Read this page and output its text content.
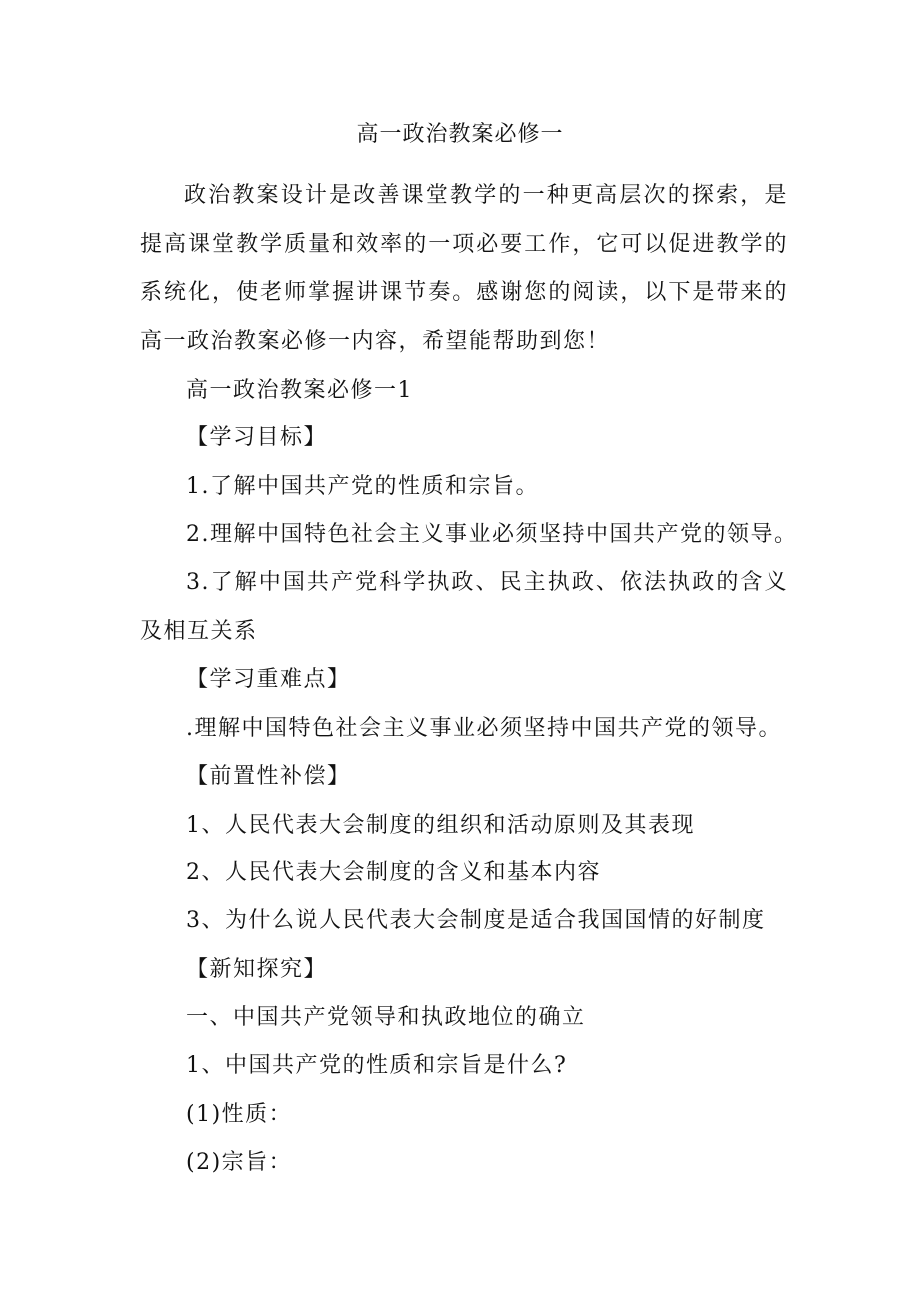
高一政治教案必修一

政治教案设计是改善课堂教学的一种更高层次的探索，是提高课堂教学质量和效率的一项必要工作，它可以促进教学的系统化，使老师掌握讲课节奏。感谢您的阅读，以下是带来的高一政治教案必修一内容，希望能帮助到您！

高一政治教案必修一1

【学习目标】

1.了解中国共产党的性质和宗旨。

2.理解中国特色社会主义事业必须坚持中国共产党的领导。

3.了解中国共产党科学执政、民主执政、依法执政的含义及相互关系

【学习重难点】

.理解中国特色社会主义事业必须坚持中国共产党的领导。

【前置性补偿】

1、人民代表大会制度的组织和活动原则及其表现

2、人民代表大会制度的含义和基本内容

3、为什么说人民代表大会制度是适合我国国情的好制度

【新知探究】

一、中国共产党领导和执政地位的确立

1、中国共产党的性质和宗旨是什么?

(1)性质：

(2)宗旨：
